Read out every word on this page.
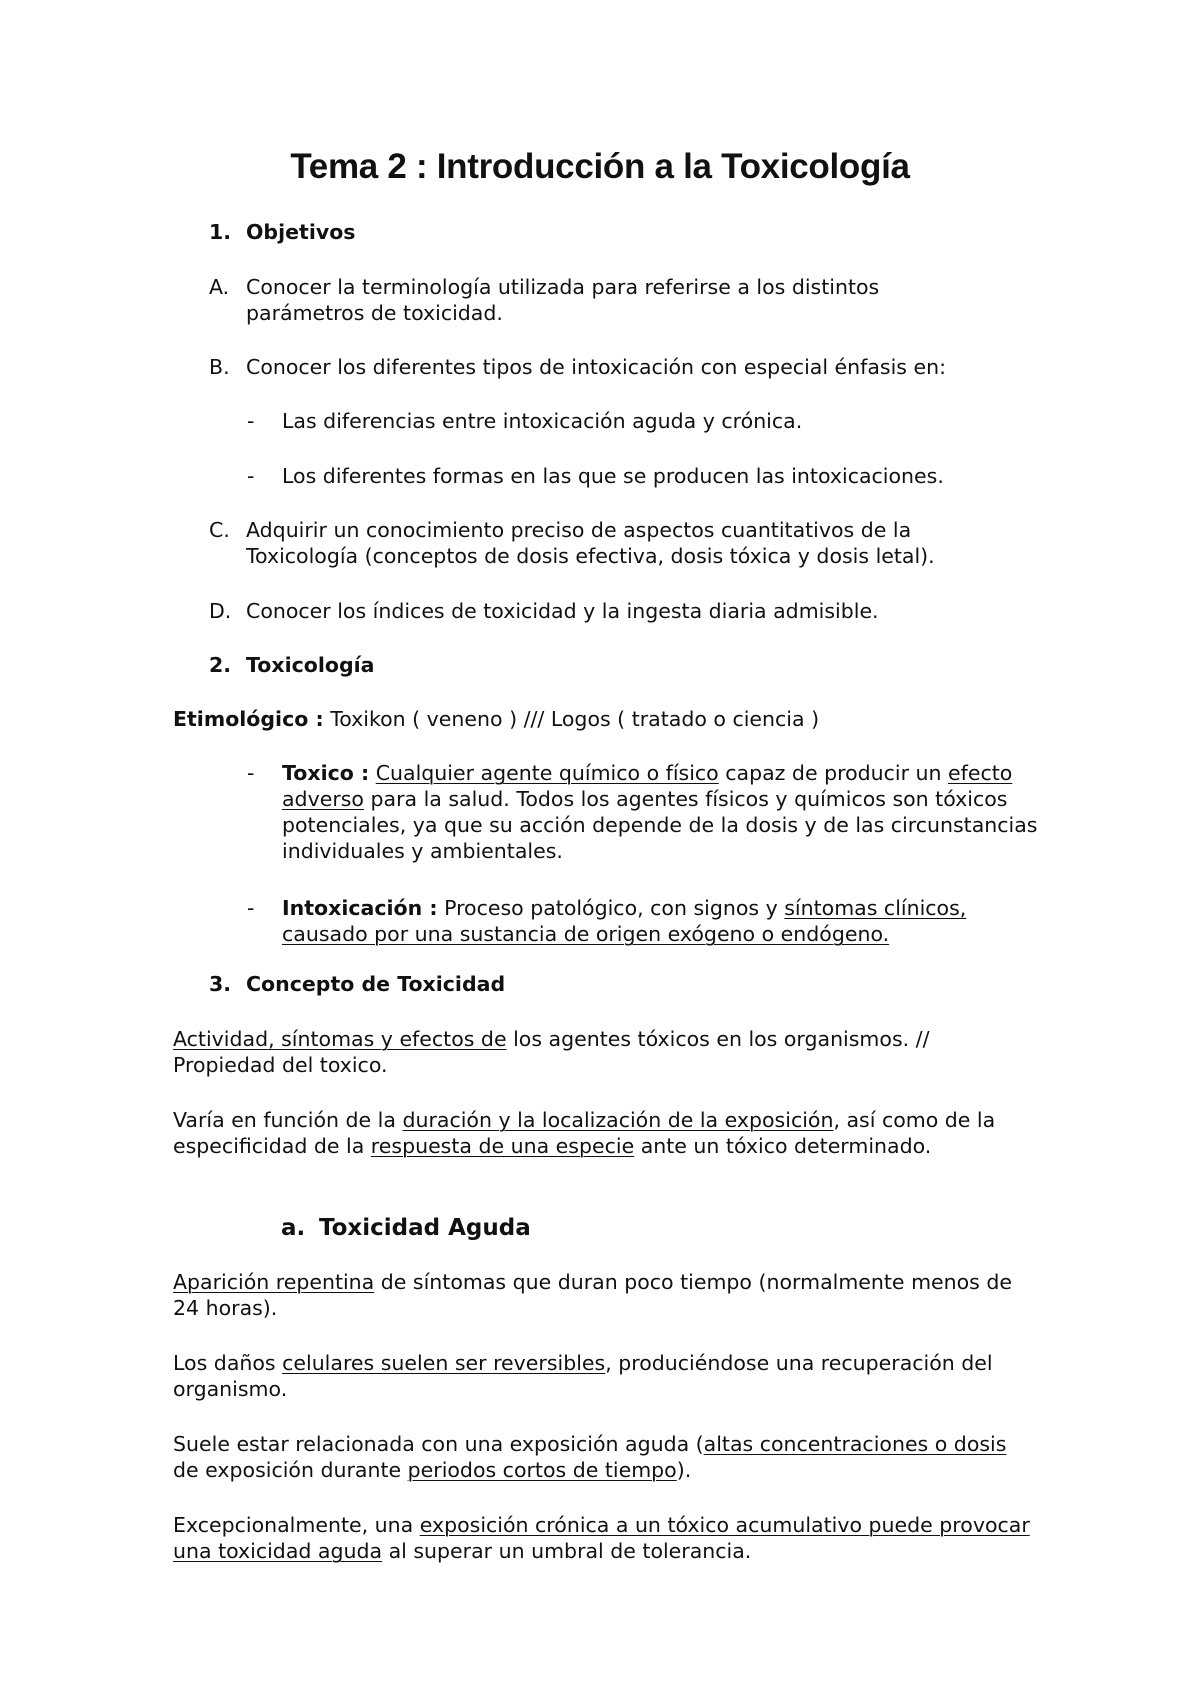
Tema 2 : Introducción a la Toxicología
1. Objetivos
A. Conocer la terminología utilizada para referirse a los distintos parámetros de toxicidad.
B. Conocer los diferentes tipos de intoxicación con especial énfasis en:
- Las diferencias entre intoxicación aguda y crónica.
- Los diferentes formas en las que se producen las intoxicaciones.
C. Adquirir un conocimiento preciso de aspectos cuantitativos de la Toxicología (conceptos de dosis efectiva, dosis tóxica y dosis letal).
D. Conocer los índices de toxicidad y la ingesta diaria admisible.
2. Toxicología
Etimológico : Toxikon ( veneno ) /// Logos ( tratado o ciencia )
- Toxico : Cualquier agente químico o físico capaz de producir un efecto adverso para la salud. Todos los agentes físicos y químicos son tóxicos potenciales, ya que su acción depende de la dosis y de las circunstancias individuales y ambientales.
- Intoxicación : Proceso patológico, con signos y síntomas clínicos, causado por una sustancia de origen exógeno o endógeno.
3. Concepto de Toxicidad
Actividad, síntomas y efectos de los agentes tóxicos en los organismos. // Propiedad del toxico.
Varía en función de la duración y la localización de la exposición, así como de la especificidad de la respuesta de una especie ante un tóxico determinado.
a. Toxicidad Aguda
Aparición repentina de síntomas que duran poco tiempo (normalmente menos de 24 horas).
Los daños celulares suelen ser reversibles, produciéndose una recuperación del organismo.
Suele estar relacionada con una exposición aguda (altas concentraciones o dosis de exposición durante periodos cortos de tiempo).
Excepcionalmente, una exposición crónica a un tóxico acumulativo puede provocar una toxicidad aguda al superar un umbral de tolerancia.
